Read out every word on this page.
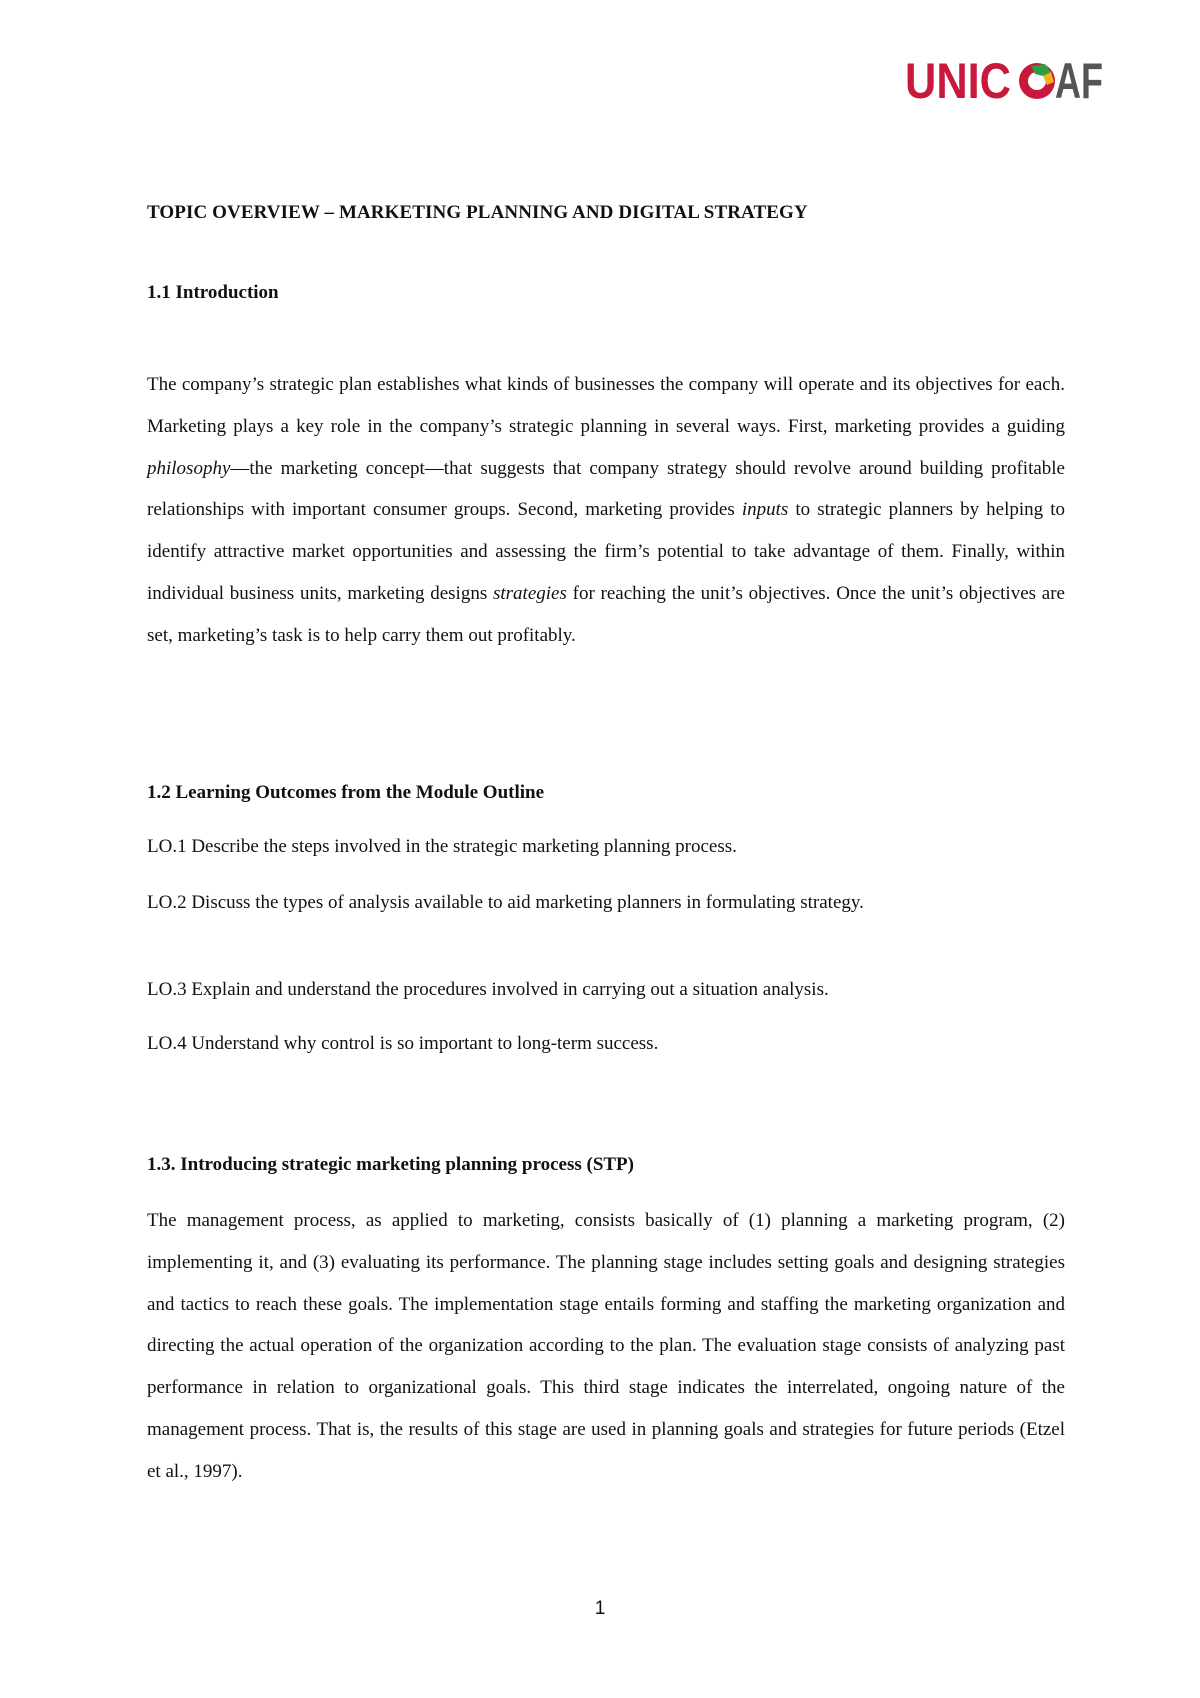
UNIC AF
TOPIC OVERVIEW – MARKETING PLANNING AND DIGITAL STRATEGY
1.1 Introduction

The company’s strategic plan establishes what kinds of businesses the company will operate and its objectives for each. Marketing plays a key role in the company’s strategic planning in several ways. First, marketing provides a guiding philosophy—the marketing concept—that suggests that company strategy should revolve around building profitable relationships with important consumer groups. Second, marketing provides inputs to strategic planners by helping to identify attractive market opportunities and assessing the firm’s potential to take advantage of them. Finally, within individual business units, marketing designs strategies for reaching the unit’s objectives. Once the unit’s objectives are set, marketing’s task is to help carry them out profitably.

1.2 Learning Outcomes from the Module Outline

LO.1 Describe the steps involved in the strategic marketing planning process.

LO.2 Discuss the types of analysis available to aid marketing planners in formulating strategy.

LO.3 Explain and understand the procedures involved in carrying out a situation analysis.

LO.4 Understand why control is so important to long-term success.

1.3. Introducing strategic marketing planning process (STP)

The management process, as applied to marketing, consists basically of (1) planning a marketing program, (2) implementing it, and (3) evaluating its performance. The planning stage includes setting goals and designing strategies and tactics to reach these goals. The implementation stage entails forming and staffing the marketing organization and directing the actual operation of the organization according to the plan. The evaluation stage consists of analyzing past performance in relation to organizational goals. This third stage indicates the interrelated, ongoing nature of the management process. That is, the results of this stage are used in planning goals and strategies for future periods (Etzel et al., 1997).

1
